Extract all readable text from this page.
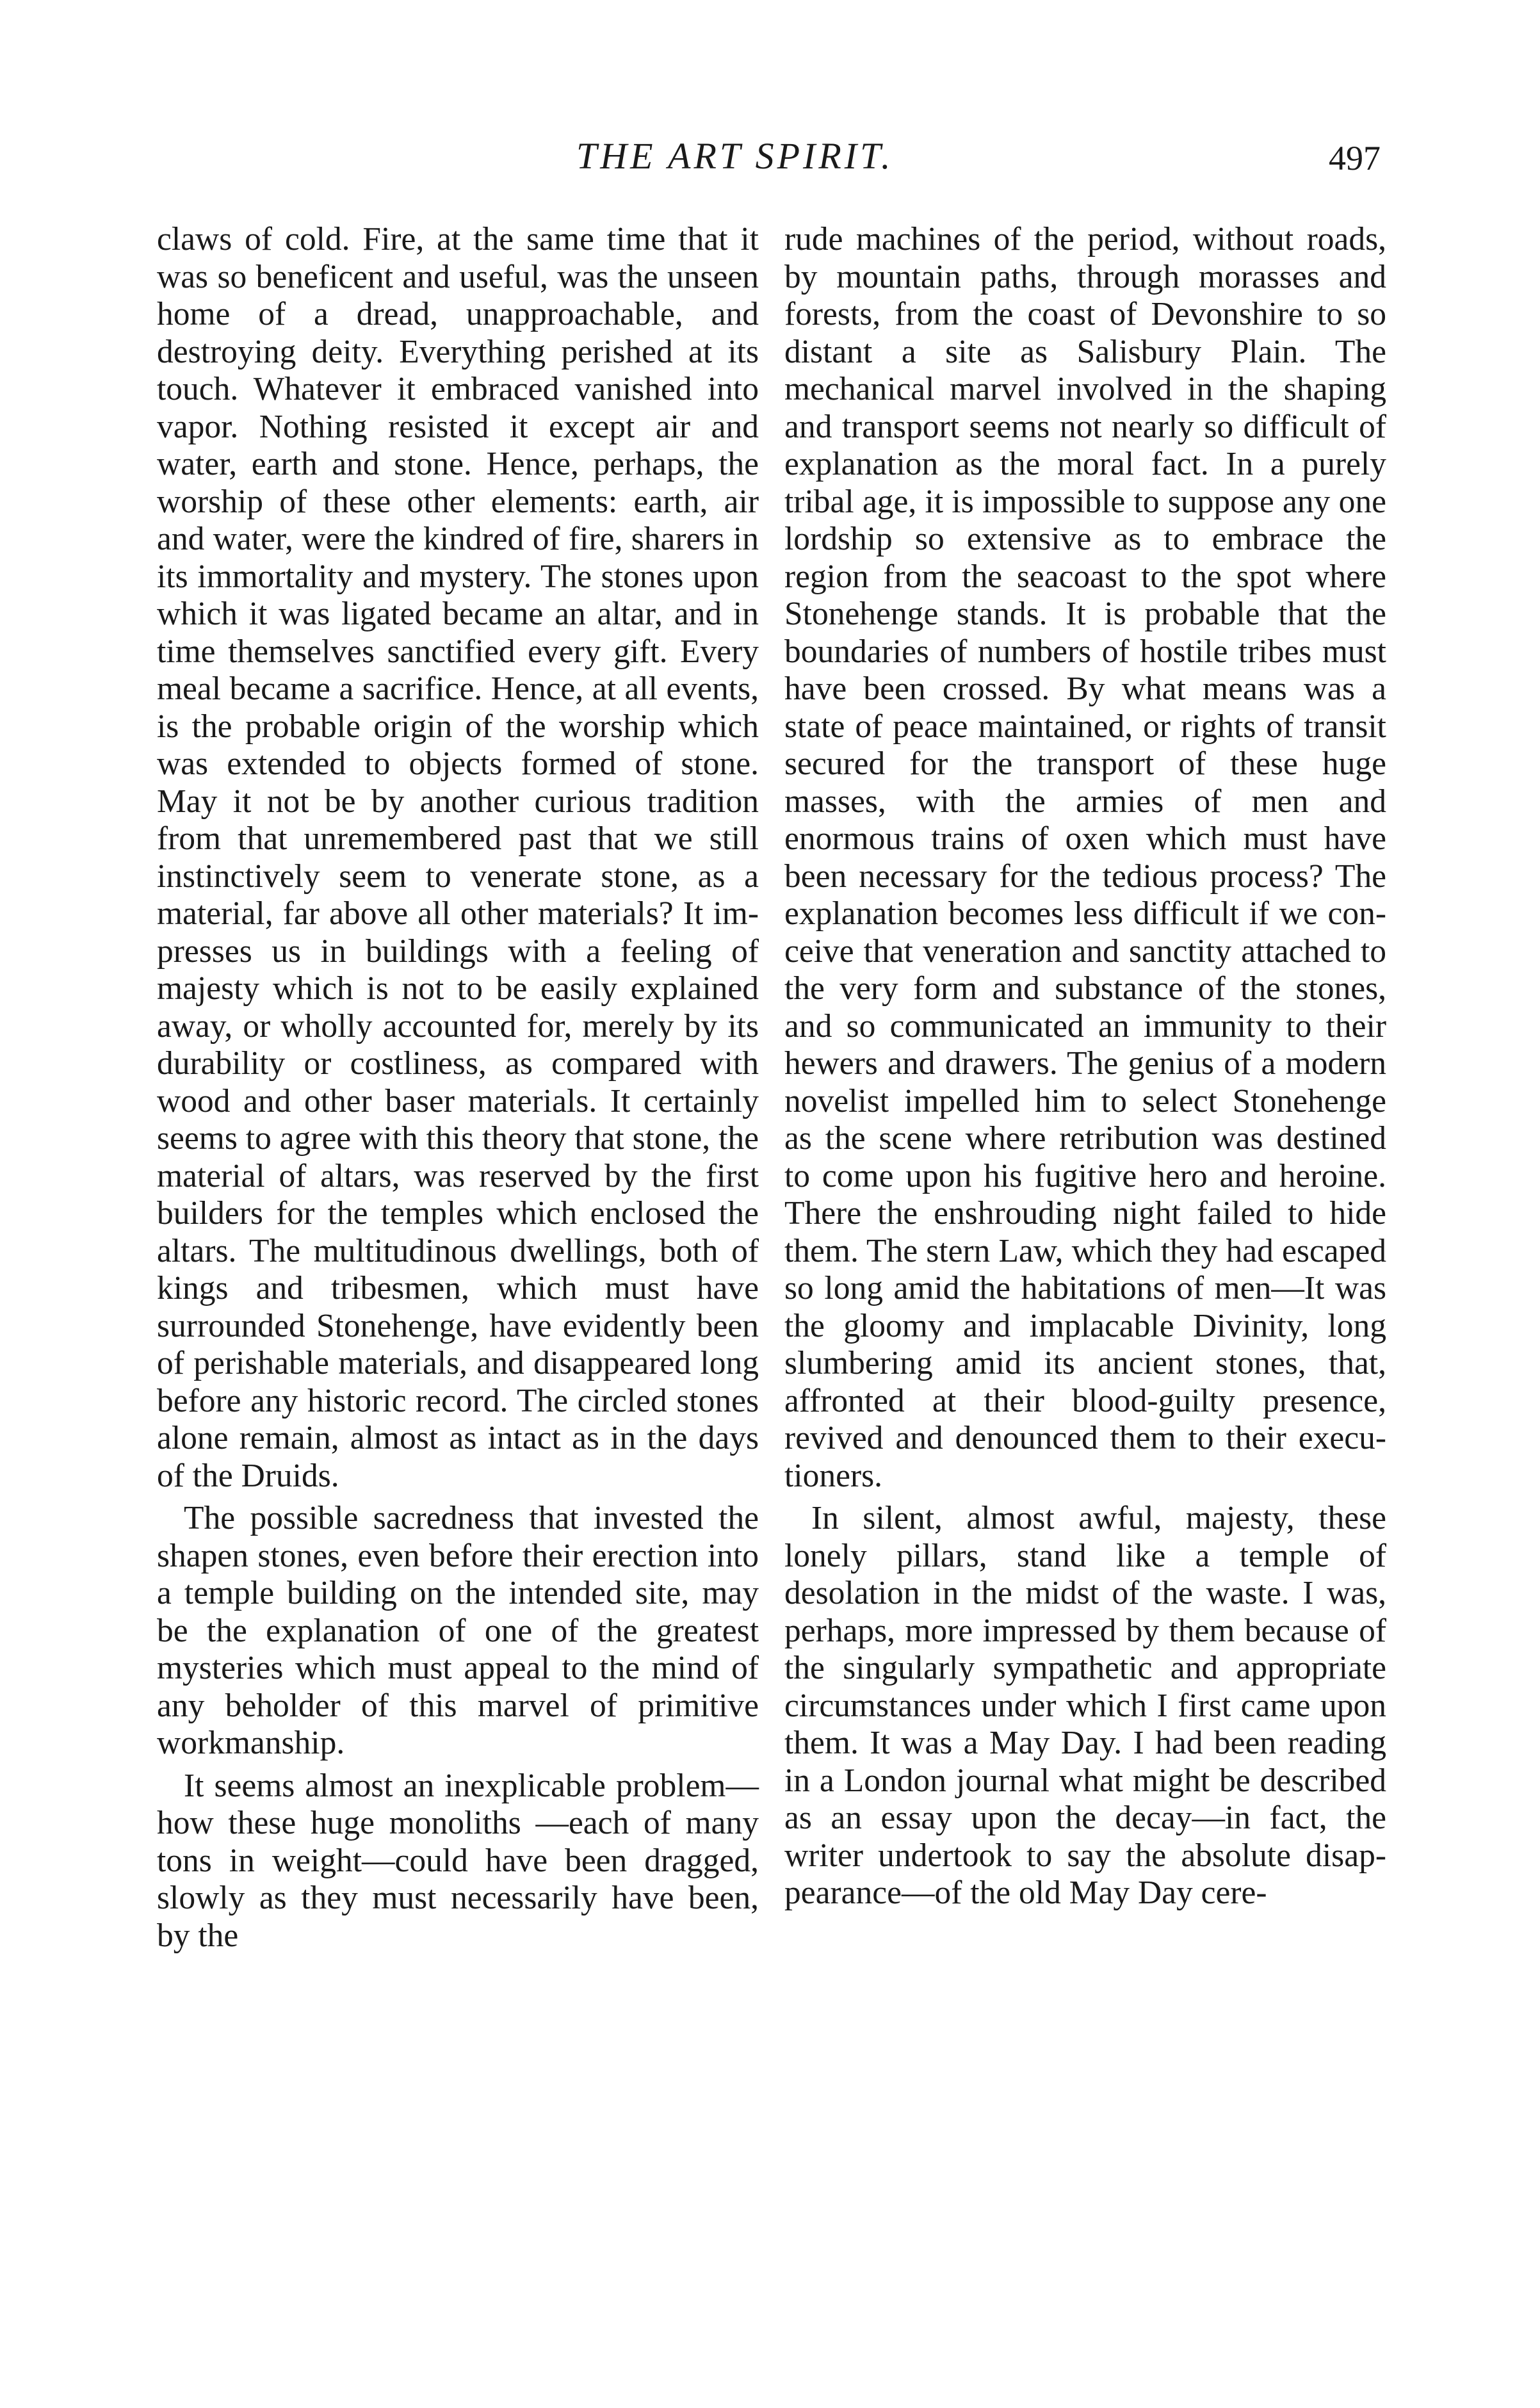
THE ART SPIRIT.	497

claws of cold. Fire, at the same time that it was so beneficent and useful, was the unseen home of a dread, unapproachable, and destroying deity. Everything perished at its touch. Whatever it embraced vanished into vapor. Nothing resisted it except air and water, earth and stone. Hence, perhaps, the worship of these other elements: earth, air and water, were the kindred of fire, sharers in its immortality and mystery. The stones upon which it was ligated became an altar, and in time themselves sanctified every gift. Every meal became a sacrifice. Hence, at all events, is the probable origin of the worship which was extended to objects formed of stone. May it not be by another curious tradition from that unremembered past that we still instinctively seem to venerate stone, as a material, far above all other materials? It impresses us in buildings with a feeling of majesty which is not to be easily explained away, or wholly accounted for, merely by its durability or costliness, as compared with wood and other baser materials. It certainly seems to agree with this theory that stone, the material of altars, was reserved by the first builders for the temples which enclosed the altars. The multitudinous dwellings, both of kings and tribesmen, which must have surrounded Stonehenge, have evidently been of perishable materials, and disappeared long before any historic record. The circled stones alone remain, almost as intact as in the days of the Druids.

The possible sacredness that invested the shapen stones, even before their erection into a temple building on the intended site, may be the explanation of one of the greatest mysteries which must appeal to the mind of any beholder of this marvel of primitive workmanship.

It seems almost an inexplicable problem—how these huge monoliths —each of many tons in weight—could have been dragged, slowly as they must necessarily have been, by the

rude machines of the period, without roads, by mountain paths, through morasses and forests, from the coast of Devonshire to so distant a site as Salisbury Plain. The mechanical marvel involved in the shaping and transport seems not nearly so difficult of explanation as the moral fact. In a purely tribal age, it is impossible to suppose any one lordship so extensive as to embrace the region from the seacoast to the spot where Stonehenge stands. It is probable that the boundaries of numbers of hostile tribes must have been crossed. By what means was a state of peace maintained, or rights of transit secured for the transport of these huge masses, with the armies of men and enormous trains of oxen which must have been necessary for the tedious process? The explanation becomes less difficult if we conceive that veneration and sanctity attached to the very form and substance of the stones, and so communicated an immunity to their hewers and drawers. The genius of a modern novelist impelled him to select Stonehenge as the scene where retribution was destined to come upon his fugitive hero and heroine. There the enshrouding night failed to hide them. The stern Law, which they had escaped so long amid the habitations of men—It was the gloomy and implacable Divinity, long slumbering amid its ancient stones, that, affronted at their blood-guilty presence, revived and denounced them to their executioners.

In silent, almost awful, majesty, these lonely pillars, stand like a temple of desolation in the midst of the waste. I was, perhaps, more impressed by them because of the singularly sympathetic and appropriate circumstances under which I first came upon them. It was a May Day. I had been reading in a London journal what might be described as an essay upon the decay—in fact, the writer undertook to say the absolute disappearance—of the old May Day cere-
